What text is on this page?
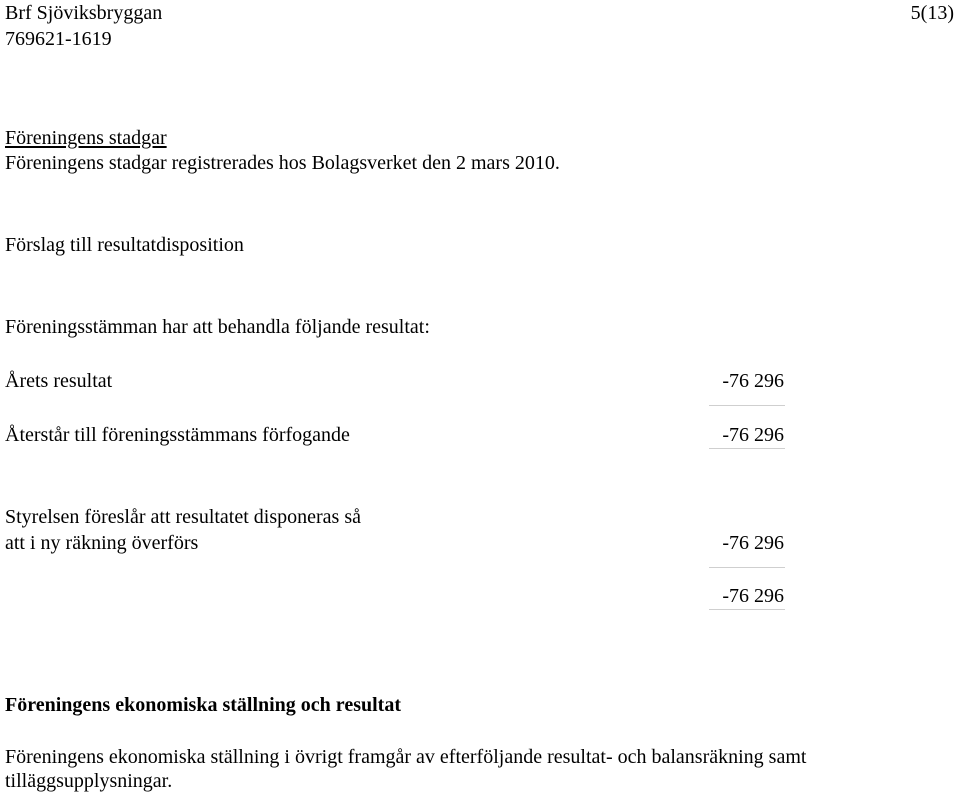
Brf Sjöviksbryggan
769621-1619
5(13)
Föreningens stadgar
Föreningens stadgar registrerades hos Bolagsverket den 2 mars 2010.
Förslag till resultatdisposition
Föreningsstämman har att behandla följande resultat:
Årets resultat	-76 296
Återstår till föreningsstämmans förfogande	-76 296
Styrelsen föreslår att resultatet disponeras så
att i ny räkning överförs	-76 296
-76 296
Föreningens ekonomiska ställning och resultat
Föreningens ekonomiska ställning i övrigt framgår av efterföljande resultat- och balansräkning samt
tilläggsupplysningar.
